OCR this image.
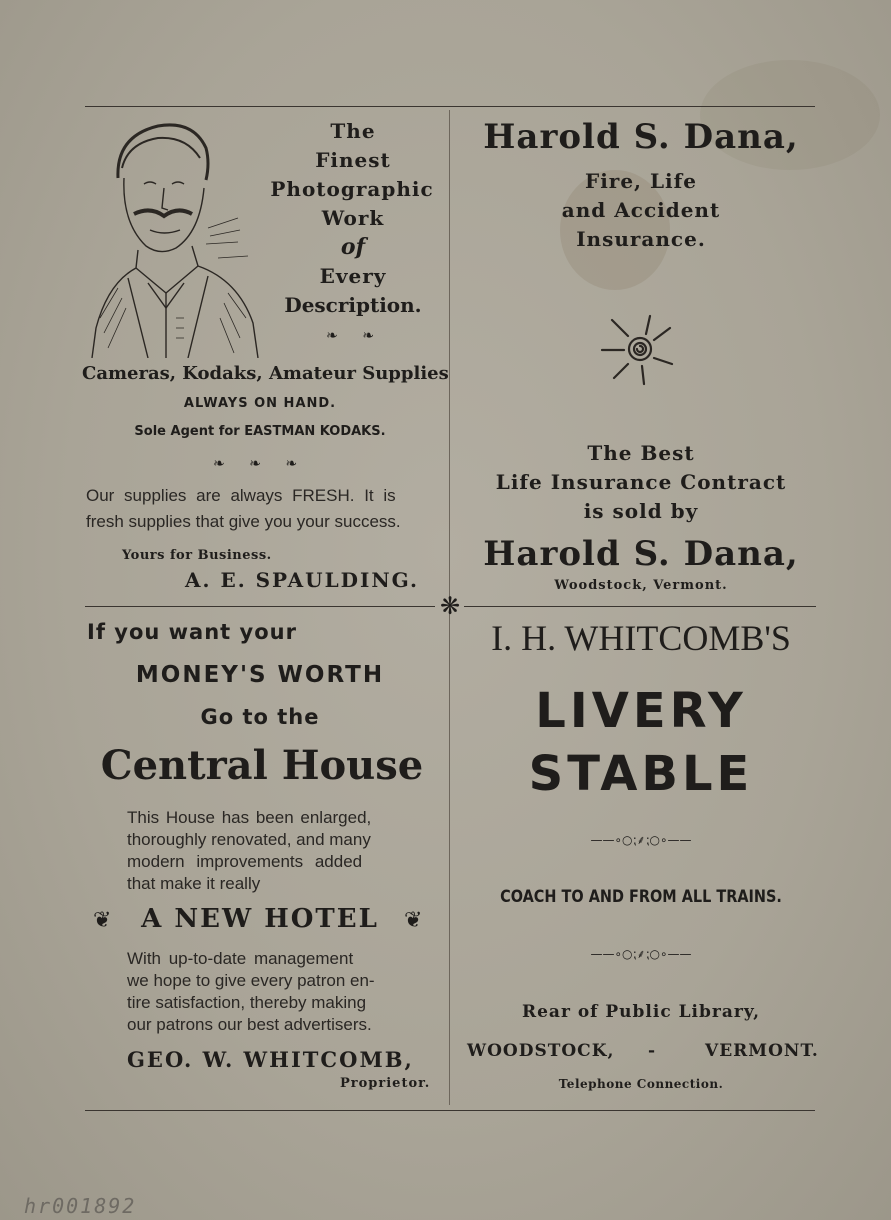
❋
The
Finest
Photographic
Work
of
Every
Description.
❧ ❧
Cameras, Kodaks, Amateur Supplies
ALWAYS ON HAND.
Sole Agent for EASTMAN KODAKS.
❧ ❧ ❧
Our supplies are always FRESH. It is
fresh supplies that give you your success.
Yours for Business.
A. E. SPAULDING.
Harold S. Dana,
Fire, Life
and Accident
Insurance.
The Best
Life Insurance Contract
is sold by
Harold S. Dana,
Woodstock, Vermont.
If you want your
MONEY'S WORTH
Go to the
Central House
This House has been enlarged,
thoroughly renovated, and many
modern improvements added
that make it really
❦	A NEW HOTEL	❦
With up-to-date management
we hope to give every patron en-
tire satisfaction, thereby making
our patrons our best advertisers.
GEO. W. WHITCOMB,
Proprietor.
I. H. WHITCOMB'S
LIVERY
STABLE
——∘○⁏⸙⁏○∘——
COACH TO AND FROM ALL TRAINS.
——∘○⁏⸙⁏○∘——
Rear of Public Library,
WOODSTOCK, -	VERMONT.
Telephone Connection.
hr001892
